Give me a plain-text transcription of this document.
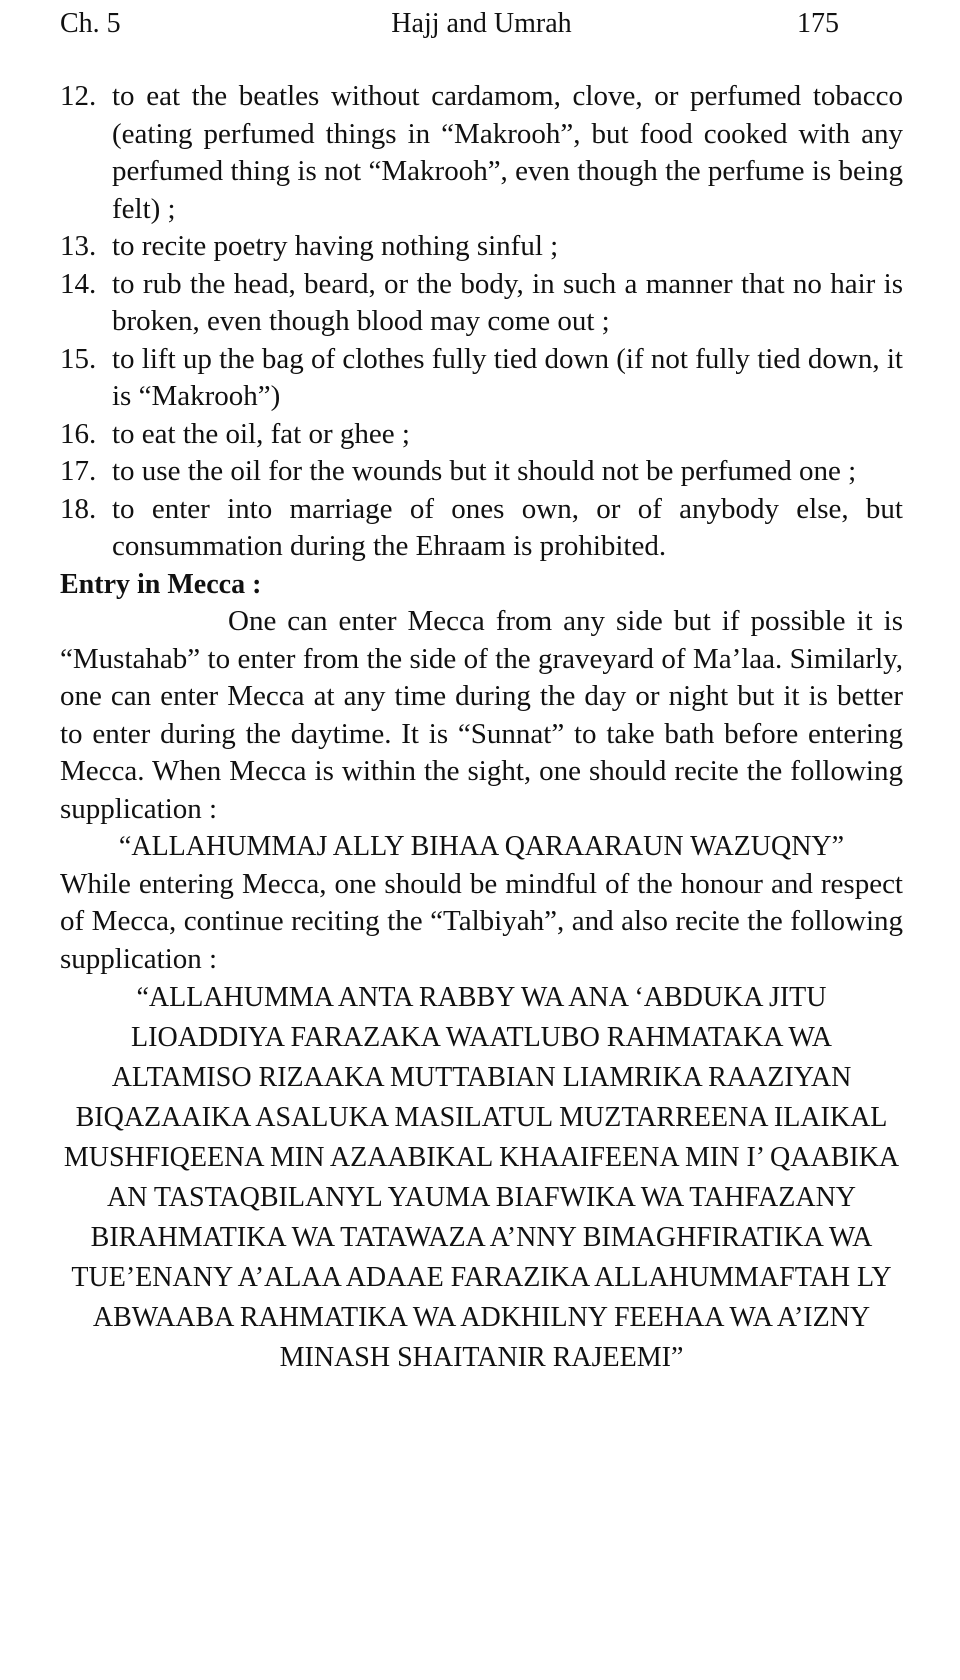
Ch. 5	Hajj and Umrah	175
12. to eat the beatles without cardamom, clove, or perfumed tobacco (eating perfumed things in “Makrooh”, but food cooked with any perfumed thing is not “Makrooh”, even though the perfume is being felt) ;
13. to recite poetry having nothing sinful ;
14. to rub the head, beard, or the body, in such a manner that no hair is broken, even though blood may come out ;
15. to lift up the bag of clothes fully tied down (if not fully tied down, it is “Makrooh”)
16. to eat the oil, fat or ghee ;
17. to use the oil for the wounds but it should not be perfumed one ;
18. to enter into marriage of ones own, or of anybody else, but consummation during the Ehraam is prohibited.
Entry in Mecca :

One can enter Mecca from any side but if possible it is “Mustahab” to enter from the side of the graveyard of Ma’laa. Similarly, one can enter Mecca at any time during the day or night but it is better to enter during the daytime. It is “Sunnat” to take bath before entering Mecca. When Mecca is within the sight, one should recite the following supplication :

“ALLAHUMMAJ ALLY BIHAA QARAARAUN WAZUQNY”

While entering Mecca, one should be mindful of the honour and respect of Mecca, continue reciting the “Talbiyah”, and also recite the following supplication :

“ALLAHUMMA ANTA RABBY WA ANA ‘ABDUKA JITU LIOADDIYA FARAZAKA WAATLUBO RAHMATAKA WA ALTAMISO RIZAAKA MUTTABIAN LIAMRIKA RAAZIYAN BIQAZAAIKA ASALUKA MASILATUL MUZTARREENA ILAIKAL MUSHFIQEENA MIN AZAABIKAL KHAAIFEENA MIN I’ QAABIKA AN TASTAQBILANYL YAUMA BIAFWIKA WA TAHFAZANY BIRAHMATIKA WA TATAWAZA A’NNY BIMAGHFIRATIKA WA TUE’ENANY A’ALAA ADAAE FARAZIKA ALLAHUMMAFTAH LY ABWAABA RAHMATIKA WA ADKHILNY FEEHAA WA A’IZNY MINASH SHAITANIR RAJEEMI”
